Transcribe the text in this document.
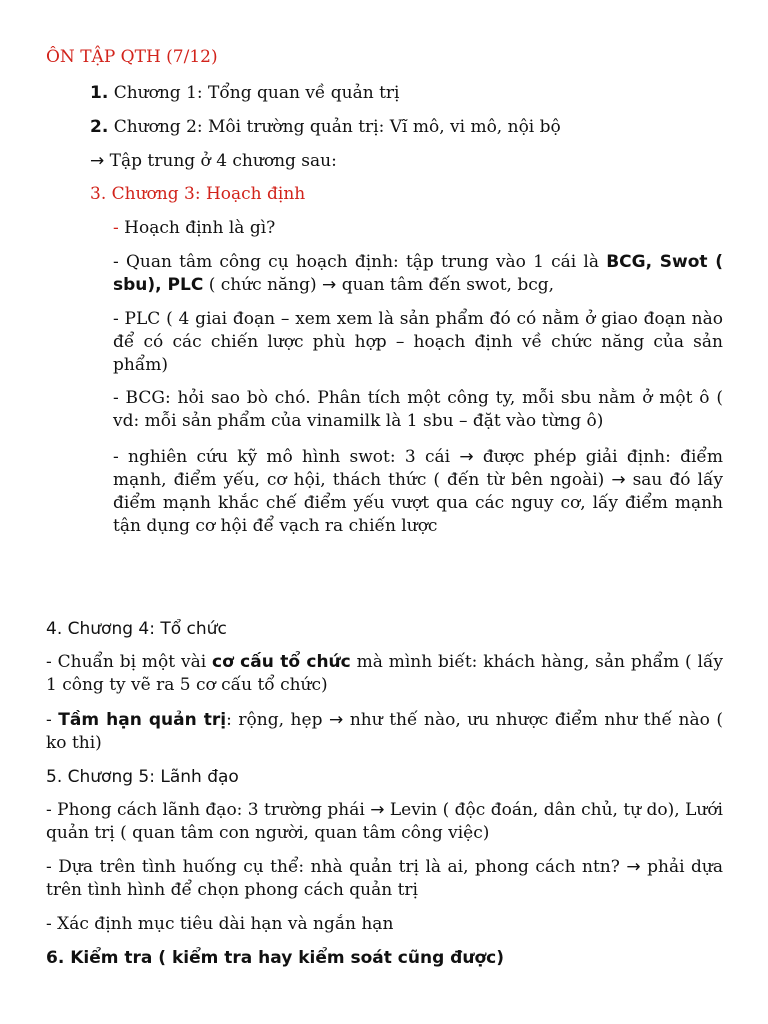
ÔN TẬP QTH (7/12)
1. Chương 1: Tổng quan về quản trị
2. Chương 2: Môi trường quản trị: Vĩ mô, vi mô, nội bộ
→ Tập trung ở 4 chương sau:
3. Chương 3: Hoạch định
- Hoạch định là gì?
- Quan tâm công cụ hoạch định: tập trung vào 1 cái là BCG, Swot ( sbu), PLC ( chức năng) → quan tâm đến swot, bcg,
- PLC ( 4 giai đoạn – xem xem là sản phẩm đó có nằm ở giao đoạn nào để có các chiến lược phù hợp – hoạch định về chức năng của sản phẩm)
- BCG: hỏi sao bò chó. Phân tích một công ty, mỗi sbu nằm ở một ô ( vd: mỗi sản phẩm của vinamilk là 1 sbu – đặt vào từng ô)
- nghiên cứu kỹ mô hình swot: 3 cái → được phép giải định: điểm mạnh, điểm yếu, cơ hội, thách thức ( đến từ bên ngoài) → sau đó lấy điểm mạnh khắc chế điểm yếu vượt qua các nguy cơ, lấy điểm mạnh tận dụng cơ hội để vạch ra chiến lược
4. Chương 4: Tổ chức
- Chuẩn bị một vài cơ cấu tổ chức mà mình biết: khách hàng, sản phẩm ( lấy 1 công ty vẽ ra 5 cơ cấu tổ chức)
- Tầm hạn quản trị: rộng, hẹp → như thế nào, ưu nhược điểm như thế nào ( ko thi)
5. Chương 5: Lãnh đạo
- Phong cách lãnh đạo: 3 trường phái → Levin ( độc đoán, dân chủ, tự do), Lưới quản trị ( quan tâm con người, quan tâm công việc)
- Dựa trên tình huống cụ thể: nhà quản trị là ai, phong cách ntn? → phải dựa trên tình hình để chọn phong cách quản trị
- Xác định mục tiêu dài hạn và ngắn hạn
6. Kiểm tra ( kiểm tra hay kiểm soát cũng được)
